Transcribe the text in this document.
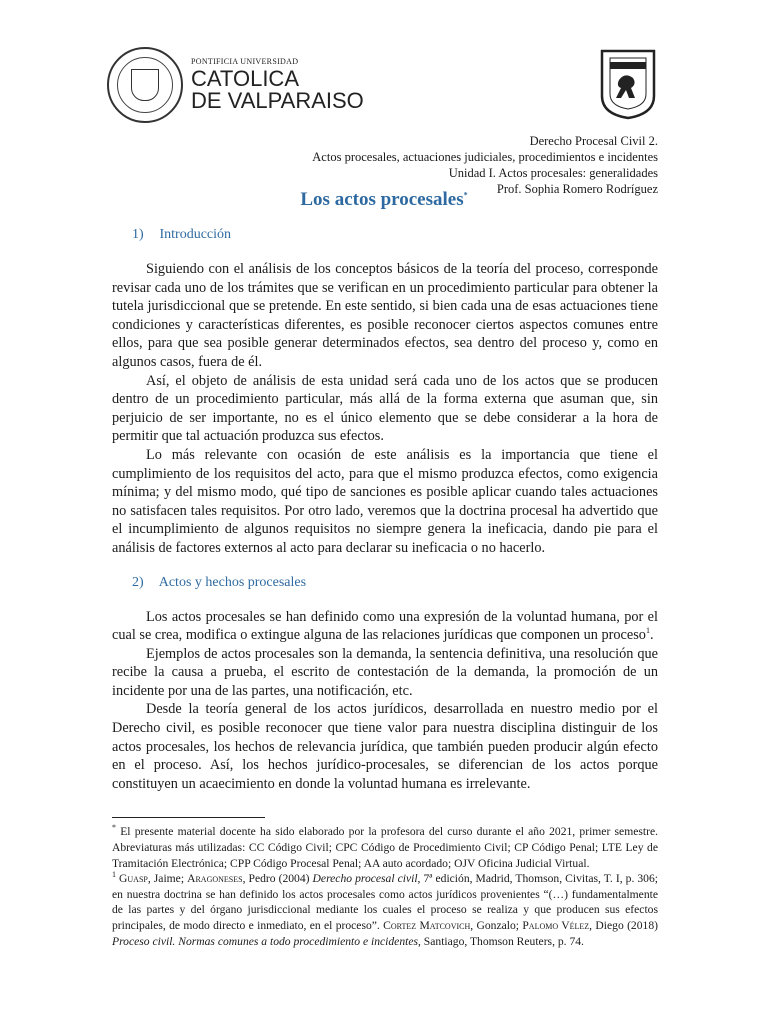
PONTIFICIA UNIVERSIDAD
CATOLICA
DE VALPARAISO
Derecho Procesal Civil 2.
Actos procesales, actuaciones judiciales, procedimientos e incidentes
Unidad I. Actos procesales: generalidades
Prof. Sophia Romero Rodríguez
Los actos procesales*
1) Introducción

Siguiendo con el análisis de los conceptos básicos de la teoría del proceso, corresponde revisar cada uno de los trámites que se verifican en un procedimiento particular para obtener la tutela jurisdiccional que se pretende. En este sentido, si bien cada una de esas actuaciones tiene condiciones y características diferentes, es posible reconocer ciertos aspectos comunes entre ellos, para que sea posible generar determinados efectos, sea dentro del proceso y, como en algunos casos, fuera de él.

Así, el objeto de análisis de esta unidad será cada uno de los actos que se producen dentro de un procedimiento particular, más allá de la forma externa que asuman que, sin perjuicio de ser importante, no es el único elemento que se debe considerar a la hora de permitir que tal actuación produzca sus efectos.

Lo más relevante con ocasión de este análisis es la importancia que tiene el cumplimiento de los requisitos del acto, para que el mismo produzca efectos, como exigencia mínima; y del mismo modo, qué tipo de sanciones es posible aplicar cuando tales actuaciones no satisfacen tales requisitos. Por otro lado, veremos que la doctrina procesal ha advertido que el incumplimiento de algunos requisitos no siempre genera la ineficacia, dando pie para el análisis de factores externos al acto para declarar su ineficacia o no hacerlo.

2) Actos y hechos procesales

Los actos procesales se han definido como una expresión de la voluntad humana, por el cual se crea, modifica o extingue alguna de las relaciones jurídicas que componen un proceso$^1$.

Ejemplos de actos procesales son la demanda, la sentencia definitiva, una resolución que recibe la causa a prueba, el escrito de contestación de la demanda, la promoción de un incidente por una de las partes, una notificación, etc.

Desde la teoría general de los actos jurídicos, desarrollada en nuestro medio por el Derecho civil, es posible reconocer que tiene valor para nuestra disciplina distinguir de los actos procesales, los hechos de relevancia jurídica, que también pueden producir algún efecto en el proceso. Así, los hechos jurídico-procesales, se diferencian de los actos porque constituyen un acaecimiento en donde la voluntad humana es irrelevante.

* El presente material docente ha sido elaborado por la profesora del curso durante el año 2021, primer semestre. Abreviaturas más utilizadas: CC Código Civil; CPC Código de Procedimiento Civil; CP Código Penal; LTE Ley de Tramitación Electrónica; CPP Código Procesal Penal; AA auto acordado; OJV Oficina Judicial Virtual.

$^1$ Guasp, Jaime; Aragoneses, Pedro (2004) Derecho procesal civil, 7ª edición, Madrid, Thomson, Civitas, T. I, p. 306; en nuestra doctrina se han definido los actos procesales como actos jurídicos provenientes “(…) fundamentalmente de las partes y del órgano jurisdiccional mediante los cuales el proceso se realiza y que producen sus efectos principales, de modo directo e inmediato, en el proceso”. Cortez Matcovich, Gonzalo; Palomo Vélez, Diego (2018) Proceso civil. Normas comunes a todo procedimiento e incidentes, Santiago, Thomson Reuters, p. 74.
